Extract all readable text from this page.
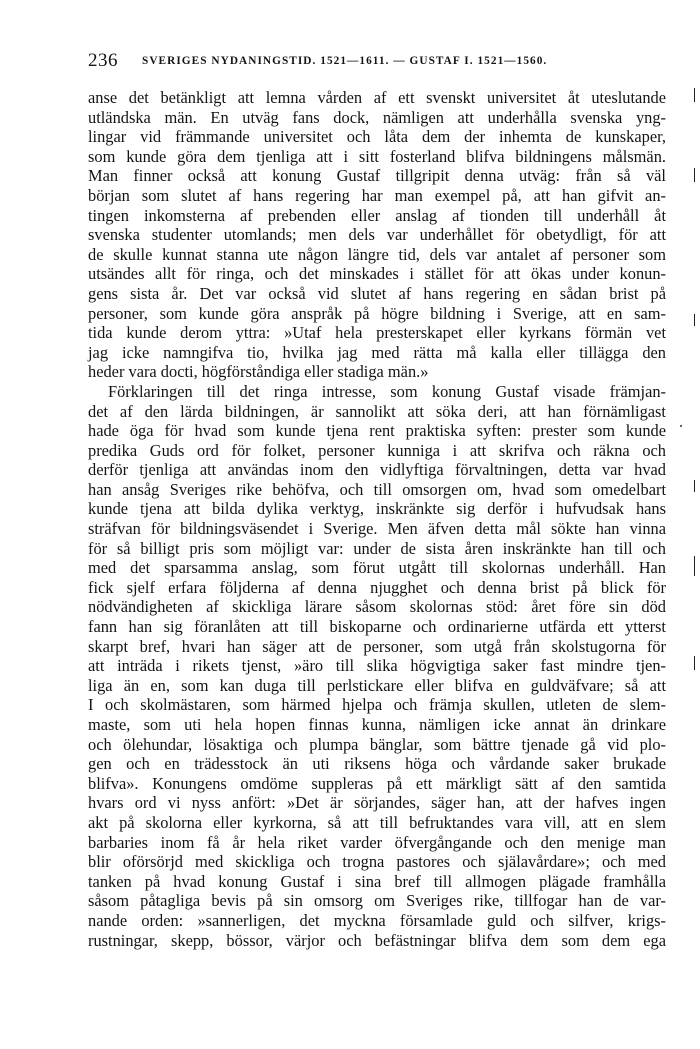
236 SVERIGES NYDANINGSTID. 1521—1611. — GUSTAF I. 1521—1560.
anse det betänkligt att lemna vården af ett svenskt universitet åt uteslutande
utländska män. En utväg fans dock, nämligen att underhålla svenska yng-
lingar vid främmande universitet och låta dem der inhemta de kunskaper,
som kunde göra dem tjenliga att i sitt fosterland blifva bildningens målsmän.
Man finner också att konung Gustaf tillgripit denna utväg: från så väl
början som slutet af hans regering har man exempel på, att han gifvit an-
tingen inkomsterna af prebenden eller anslag af tionden till underhåll åt
svenska studenter utomlands; men dels var underhållet för obetydligt, för att
de skulle kunnat stanna ute någon längre tid, dels var antalet af personer som
utsändes allt för ringa, och det minskades i stället för att ökas under konun-
gens sista år. Det var också vid slutet af hans regering en sådan brist på
personer, som kunde göra anspråk på högre bildning i Sverige, att en sam-
tida kunde derom yttra: »Utaf hela presterskapet eller kyrkans förmän vet
jag icke namngifva tio, hvilka jag med rätta må kalla eller tillägga den
heder vara docti, högförståndiga eller stadiga män.»
Förklaringen till det ringa intresse, som konung Gustaf visade främjan-
det af den lärda bildningen, är sannolikt att söka deri, att han förnämligast
hade öga för hvad som kunde tjena rent praktiska syften: prester som kunde
predika Guds ord för folket, personer kunniga i att skrifva och räkna och
derför tjenliga att användas inom den vidlyftiga förvaltningen, detta var hvad
han ansåg Sveriges rike behöfva, och till omsorgen om, hvad som omedelbart
kunde tjena att bilda dylika verktyg, inskränkte sig derför i hufvudsak hans
sträfvan för bildningsväsendet i Sverige. Men äfven detta mål sökte han vinna
för så billigt pris som möjligt var: under de sista åren inskränkte han till och
med det sparsamma anslag, som förut utgått till skolornas underhåll. Han
fick sjelf erfara följderna af denna njugghet och denna brist på blick för
nödvändigheten af skickliga lärare såsom skolornas stöd: året före sin död
fann han sig föranlåten att till biskoparne och ordinarierne utfärda ett ytterst
skarpt bref, hvari han säger att de personer, som utgå från skolstugorna för
att inträda i rikets tjenst, »äro till slika högvigtiga saker fast mindre tjen-
liga än en, som kan duga till perlstickare eller blifva en guldväfvare; så att
I och skolmästaren, som härmed hjelpa och främja skullen, utleten de slem-
maste, som uti hela hopen finnas kunna, nämligen icke annat än drinkare
och ölehundar, lösaktiga och plumpa bänglar, som bättre tjenade gå vid plo-
gen och en trädesstock än uti riksens höga och vårdande saker brukade
blifva». Konungens omdöme suppleras på ett märkligt sätt af den samtida
hvars ord vi nyss anfört: »Det är sörjandes, säger han, att der hafves ingen
akt på skolorna eller kyrkorna, så att till befruktandes vara vill, att en slem
barbaries inom få år hela riket varder öfvergångande och den menige man
blir oförsörjd med skickliga och trogna pastores och själavårdare»; och med
tanken på hvad konung Gustaf i sina bref till allmogen plägade framhålla
såsom påtagliga bevis på sin omsorg om Sveriges rike, tillfogar han de var-
nande orden: »sannerligen, det myckna församlade guld och silfver, krigs-
rustningar, skepp, bössor, värjor och befästningar blifva dem som dem ega
